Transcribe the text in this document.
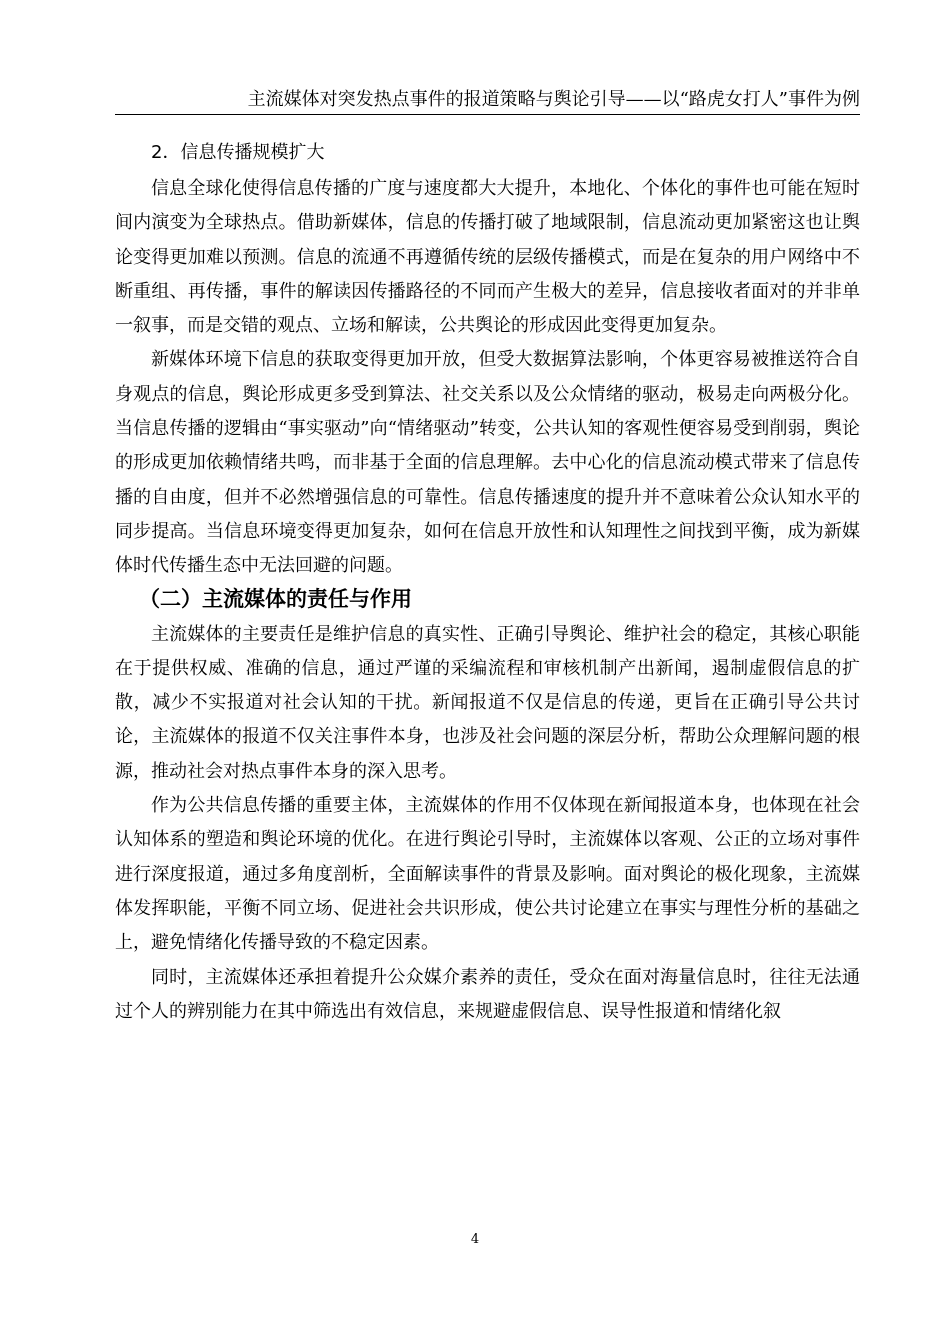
主流媒体对突发热点事件的报道策略与舆论引导——以“路虎女打人”事件为例
2．信息传播规模扩大

信息全球化使得信息传播的广度与速度都大大提升，本地化、个体化的事件也可能在短时间内演变为全球热点。借助新媒体，信息的传播打破了地域限制，信息流动更加紧密这也让舆论变得更加难以预测。信息的流通不再遵循传统的层级传播模式，而是在复杂的用户网络中不断重组、再传播，事件的解读因传播路径的不同而产生极大的差异，信息接收者面对的并非单一叙事，而是交错的观点、立场和解读，公共舆论的形成因此变得更加复杂。

新媒体环境下信息的获取变得更加开放，但受大数据算法影响，个体更容易被推送符合自身观点的信息，舆论形成更多受到算法、社交关系以及公众情绪的驱动，极易走向两极分化。当信息传播的逻辑由“事实驱动”向“情绪驱动”转变，公共认知的客观性便容易受到削弱，舆论的形成更加依赖情绪共鸣，而非基于全面的信息理解。去中心化的信息流动模式带来了信息传播的自由度，但并不必然增强信息的可靠性。信息传播速度的提升并不意味着公众认知水平的同步提高。当信息环境变得更加复杂，如何在信息开放性和认知理性之间找到平衡，成为新媒体时代传播生态中无法回避的问题。

（二）主流媒体的责任与作用

主流媒体的主要责任是维护信息的真实性、正确引导舆论、维护社会的稳定，其核心职能在于提供权威、准确的信息，通过严谨的采编流程和审核机制产出新闻，遏制虚假信息的扩散，减少不实报道对社会认知的干扰。新闻报道不仅是信息的传递，更旨在正确引导公共讨论，主流媒体的报道不仅关注事件本身，也涉及社会问题的深层分析，帮助公众理解问题的根源，推动社会对热点事件本身的深入思考。

作为公共信息传播的重要主体，主流媒体的作用不仅体现在新闻报道本身，也体现在社会认知体系的塑造和舆论环境的优化。在进行舆论引导时，主流媒体以客观、公正的立场对事件进行深度报道，通过多角度剖析，全面解读事件的背景及影响。面对舆论的极化现象，主流媒体发挥职能，平衡不同立场、促进社会共识形成，使公共讨论建立在事实与理性分析的基础之上，避免情绪化传播导致的不稳定因素。

同时，主流媒体还承担着提升公众媒介素养的责任，受众在面对海量信息时，往往无法通过个人的辨别能力在其中筛选出有效信息，来规避虚假信息、误导性报道和情绪化叙

4
